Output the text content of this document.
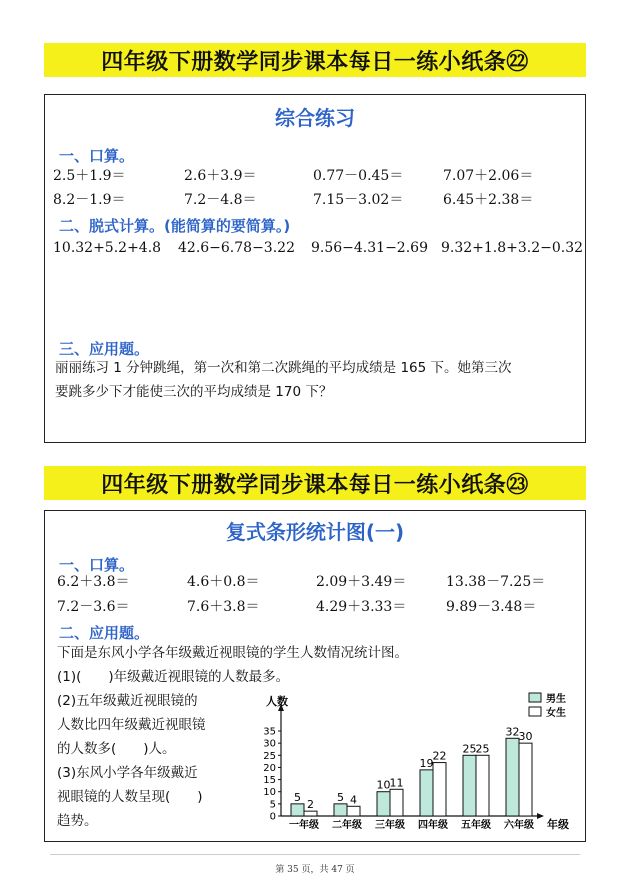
四年级下册数学同步课本每日一练小纸条㉒
综合练习
一、口算。
2.5＋1.9＝	2.6＋3.9＝	0.77－0.45＝	7.07＋2.06＝
8.2－1.9＝	7.2－4.8＝	7.15－3.02＝	6.45＋2.38＝
二、脱式计算。(能简算的要简算。)
10.32+5.2+4.8 42.6−6.78−3.22 9.56−4.31−2.69 9.32+1.8+3.2−0.32
三、应用题。
丽丽练习 1 分钟跳绳，第一次和第二次跳绳的平均成绩是 165 下。她第三次
要跳多少下才能使三次的平均成绩是 170 下？
四年级下册数学同步课本每日一练小纸条㉓
复式条形统计图(一)
一、口算。
6.2＋3.8＝	4.6＋0.8＝	2.09＋3.49＝	13.38－7.25＝
7.2－3.6＝	7.6＋3.8＝	4.29＋3.33＝	9.89－3.48＝
二、应用题。
下面是东风小学各年级戴近视眼镜的学生人数情况统计图。
(1)(　　)年级戴近视眼镜的人数最多。
(2)五年级戴近视眼镜的
人数比四年级戴近视眼镜
的人数多(　　)人。
(3)东风小学各年级戴近
视眼镜的人数呈现(　　)
趋势。
人数
年级
0
5
10
15
20
25
30
35
一年级
5
2
二年级
5 4
三年级
10 11
四年级
19
22
五年级
25 25
六年级
32 30
男生
女生
第 35 页，共 47 页
